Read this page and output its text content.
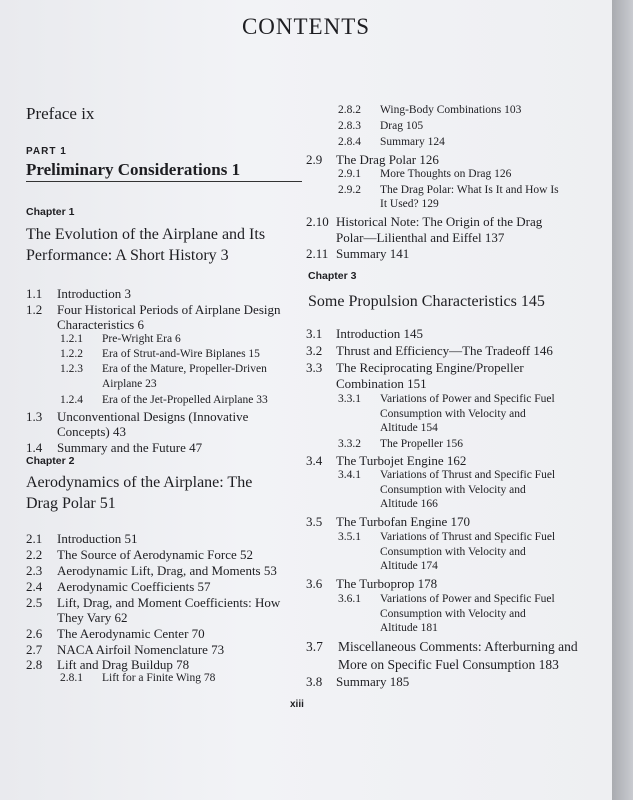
CONTENTS
Preface ix
PART 1
Preliminary Considerations 1
Chapter 1
The Evolution of the Airplane and Its
Performance: A Short History 3
Chapter 2
Aerodynamics of the Airplane: The
Drag Polar 51
Chapter 3
Some Propulsion Characteristics 145
1.1 Introduction 3
1.2 Four Historical Periods of Airplane Design
Characteristics 6
1.2.1 Pre-Wright Era 6
1.2.2 Era of Strut-and-Wire Biplanes 15
1.2.3 Era of the Mature, Propeller-Driven
Airplane 23
1.2.4 Era of the Jet-Propelled Airplane 33
1.3 Unconventional Designs (Innovative
Concepts) 43
1.4 Summary and the Future 47
2.1 Introduction 51
2.2 The Source of Aerodynamic Force 52
2.3 Aerodynamic Lift, Drag, and Moments 53
2.4 Aerodynamic Coefficients 57
2.5 Lift, Drag, and Moment Coefficients: How
They Vary 62
2.6 The Aerodynamic Center 70
2.7 NACA Airfoil Nomenclature 73
2.8 Lift and Drag Buildup 78
2.8.1 Lift for a Finite Wing 78
2.8.2 Wing-Body Combinations 103
2.8.3 Drag 105
2.8.4 Summary 124
2.9 The Drag Polar 126
2.9.1 More Thoughts on Drag 126
2.9.2 The Drag Polar: What Is It and How Is
It Used? 129
2.10 Historical Note: The Origin of the Drag
Polar—Lilienthal and Eiffel 137
2.11 Summary 141
3.1 Introduction 145
3.2 Thrust and Efficiency—The Tradeoff 146
3.3 The Reciprocating Engine/Propeller
Combination 151
3.3.1 Variations of Power and Specific Fuel
Consumption with Velocity and
Altitude 154
3.3.2 The Propeller 156
3.4 The Turbojet Engine 162
3.4.1 Variations of Thrust and Specific Fuel
Consumption with Velocity and
Altitude 166
3.5 The Turbofan Engine 170
3.5.1 Variations of Thrust and Specific Fuel
Consumption with Velocity and
Altitude 174
3.6 The Turboprop 178
3.6.1 Variations of Power and Specific Fuel
Consumption with Velocity and
Altitude 181
3.7 Miscellaneous Comments: Afterburning and
More on Specific Fuel Consumption 183
3.8 Summary 185
xiii
